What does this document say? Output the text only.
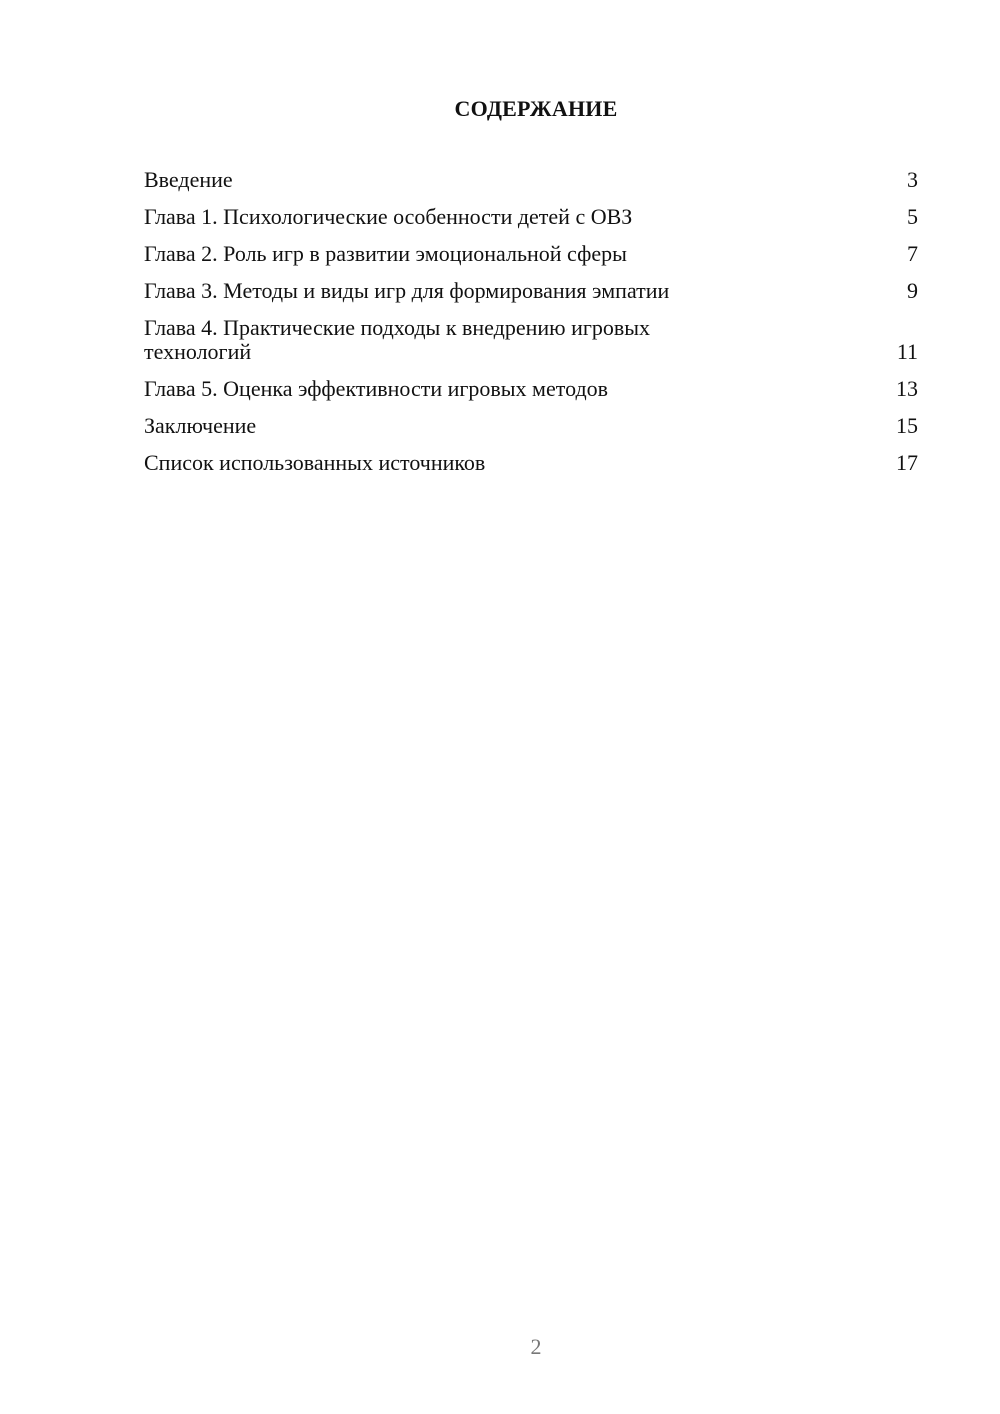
СОДЕРЖАНИЕ
Введение	3
Глава 1. Психологические особенности детей с ОВЗ	5
Глава 2. Роль игр в развитии эмоциональной сферы	7
Глава 3. Методы и виды игр для формирования эмпатии	9
Глава 4. Практические подходы к внедрению игровых технологий	11
Глава 5. Оценка эффективности игровых методов	13
Заключение	15
Список использованных источников	17
2
